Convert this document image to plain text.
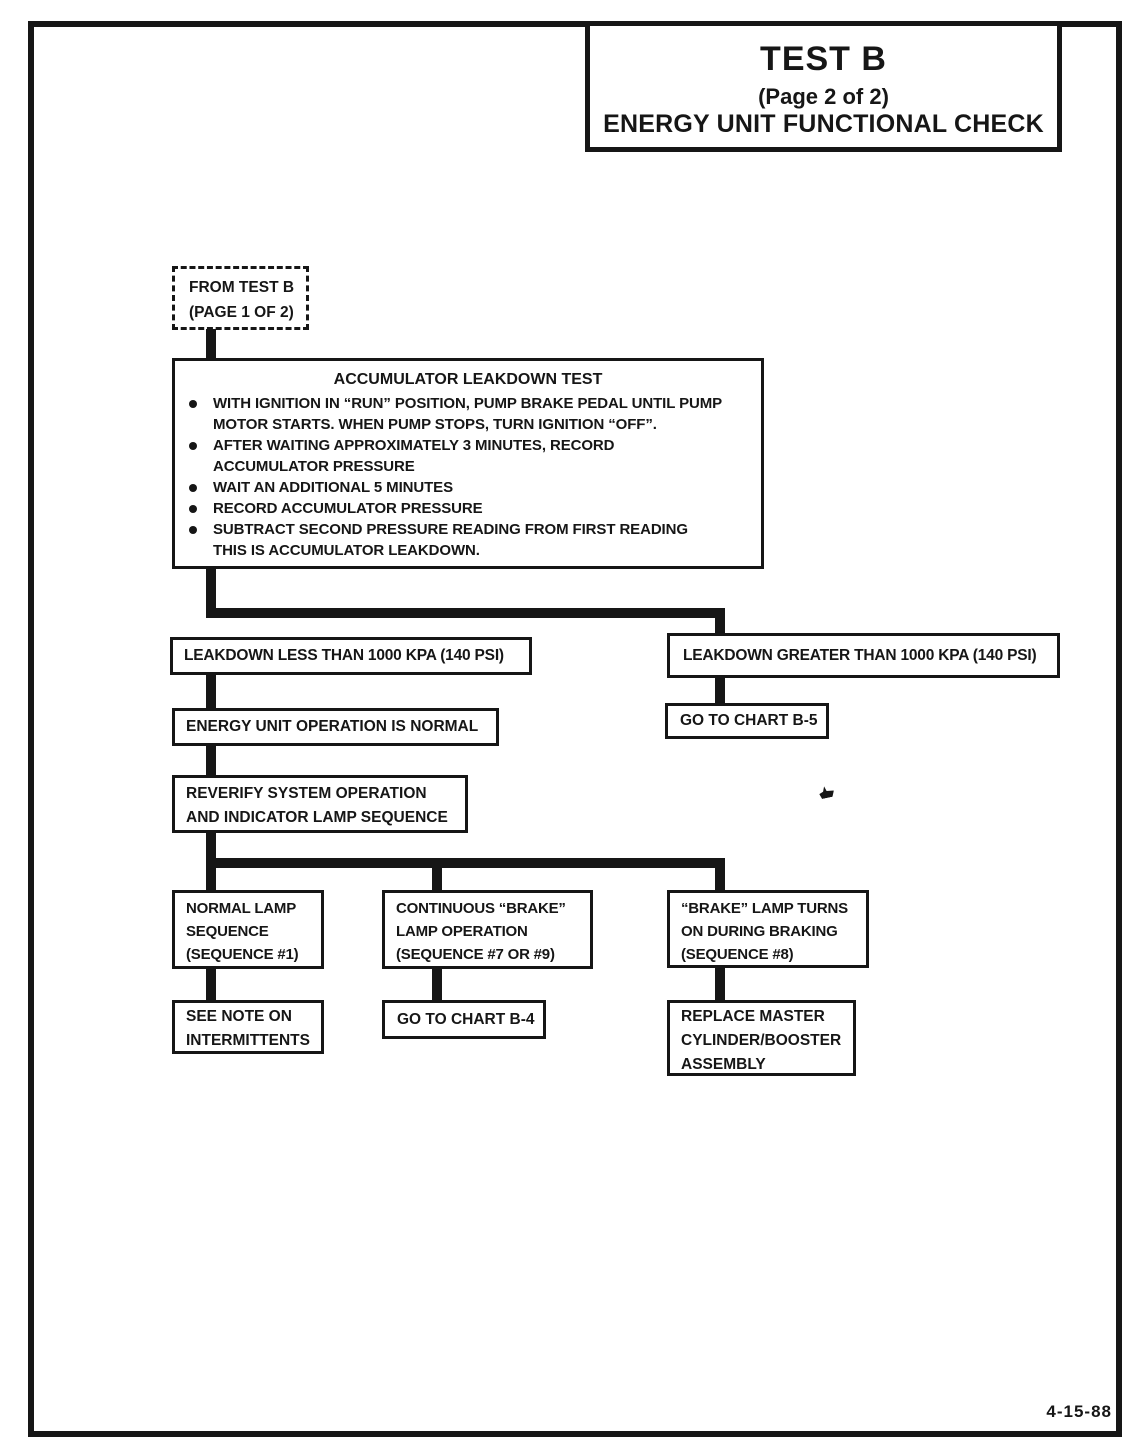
TEST B
(Page 2 of 2)
ENERGY UNIT FUNCTIONAL CHECK
FROM TEST B
(PAGE 1 OF 2)
ACCUMULATOR LEAKDOWN TEST
WITH IGNITION IN “RUN” POSITION, PUMP BRAKE PEDAL UNTIL PUMP
MOTOR STARTS. WHEN PUMP STOPS, TURN IGNITION “OFF”.
AFTER WAITING APPROXIMATELY 3 MINUTES, RECORD
ACCUMULATOR PRESSURE
WAIT AN ADDITIONAL 5 MINUTES
RECORD ACCUMULATOR PRESSURE
SUBTRACT SECOND PRESSURE READING FROM FIRST READING
THIS IS ACCUMULATOR LEAKDOWN.
LEAKDOWN LESS THAN 1000 KPA (140 PSI)	LEAKDOWN GREATER THAN 1000 KPA (140 PSI)
ENERGY UNIT OPERATION IS NORMAL	GO TO CHART B-5
REVERIFY SYSTEM OPERATION
AND INDICATOR LAMP SEQUENCE
NORMAL LAMP
SEQUENCE
(SEQUENCE #1)
CONTINUOUS “BRAKE”
LAMP OPERATION
(SEQUENCE #7 OR #9)
“BRAKE” LAMP TURNS
ON DURING BRAKING
(SEQUENCE #8)
SEE NOTE ON
INTERMITTENTS
GO TO CHART B-4	REPLACE MASTER
CYLINDER/BOOSTER
ASSEMBLY
4-15-88
